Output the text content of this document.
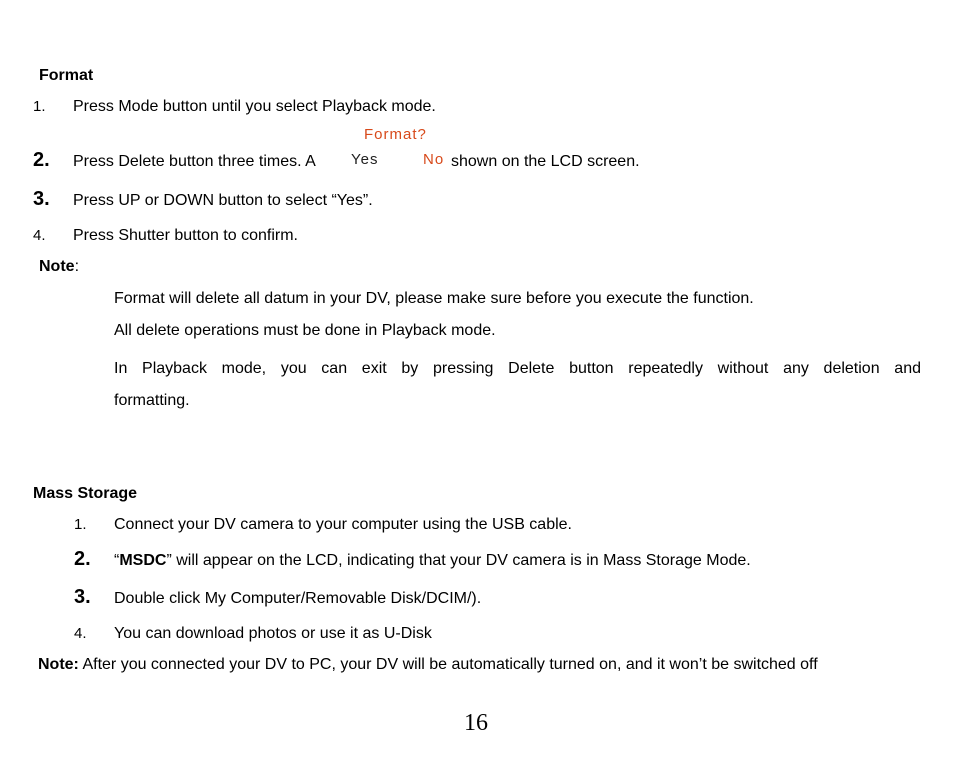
Format
1. Press Mode button until you select Playback mode.
Format?
2. Press Delete button three times. A Yes	No shown on the LCD screen.
3. Press UP or DOWN button to select “Yes”.
4. Press Shutter button to confirm.
Note:
Format will delete all datum in your DV, please make sure before you execute the function.
All delete operations must be done in Playback mode.
In Playback mode, you can exit by pressing Delete button repeatedly without any deletion and
formatting.
Mass Storage
1. Connect your DV camera to your computer using the USB cable.
2. “MSDC” will appear on the LCD, indicating that your DV camera is in Mass Storage Mode.
3. Double click My Computer/Removable Disk/DCIM/).
4. You can download photos or use it as U-Disk
Note: After you connected your DV to PC, your DV will be automatically turned on, and it won’t be switched off
16
